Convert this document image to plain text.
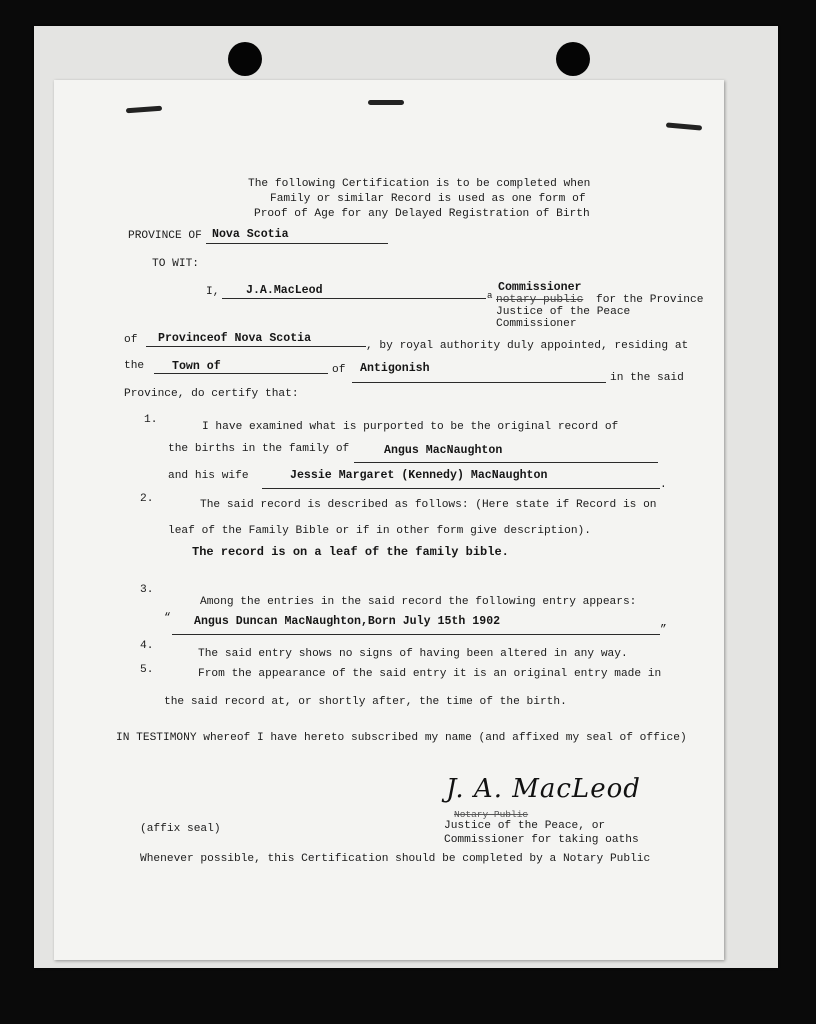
The following Certification is to be completed when
Family or similar Record is used as one form of
Proof of Age for any Delayed Registration of Birth
PROVINCE OF Nova Scotia
TO WIT:
I, J.A.MacLeod	a
Commissioner
notary public for the Province
Justice of the Peace
Commissioner
of Provinceof Nova Scotia
, by royal authority duly appointed, residing at
the Town of	of Antigonish
in the said
Province, do certify that:
1.
I have examined what is purported to be the original record of
the births in the family of	Angus MacNaughton
and his wife	Jessie Margaret (Kennedy) MacNaughton
.
2.	The said record is described as follows: (Here state if Record is on
leaf of the Family Bible or if in other form give description).
The record is on a leaf of the family bible.
3.
Among the entries in the said record the following entry appears:
“ Angus Duncan MacNaughton,Born July 15th 1902
”
4.
The said entry shows no signs of having been altered in any way.
5.	From the appearance of the said entry it is an original entry made in
the said record at, or shortly after, the time of the birth.
IN TESTIMONY whereof I have hereto subscribed my name (and affixed my seal of office)
J. A. MacLeod
Notary Public
Justice of the Peace, or
Commissioner for taking oaths
(affix seal)
Whenever possible, this Certification should be completed by a Notary Public
